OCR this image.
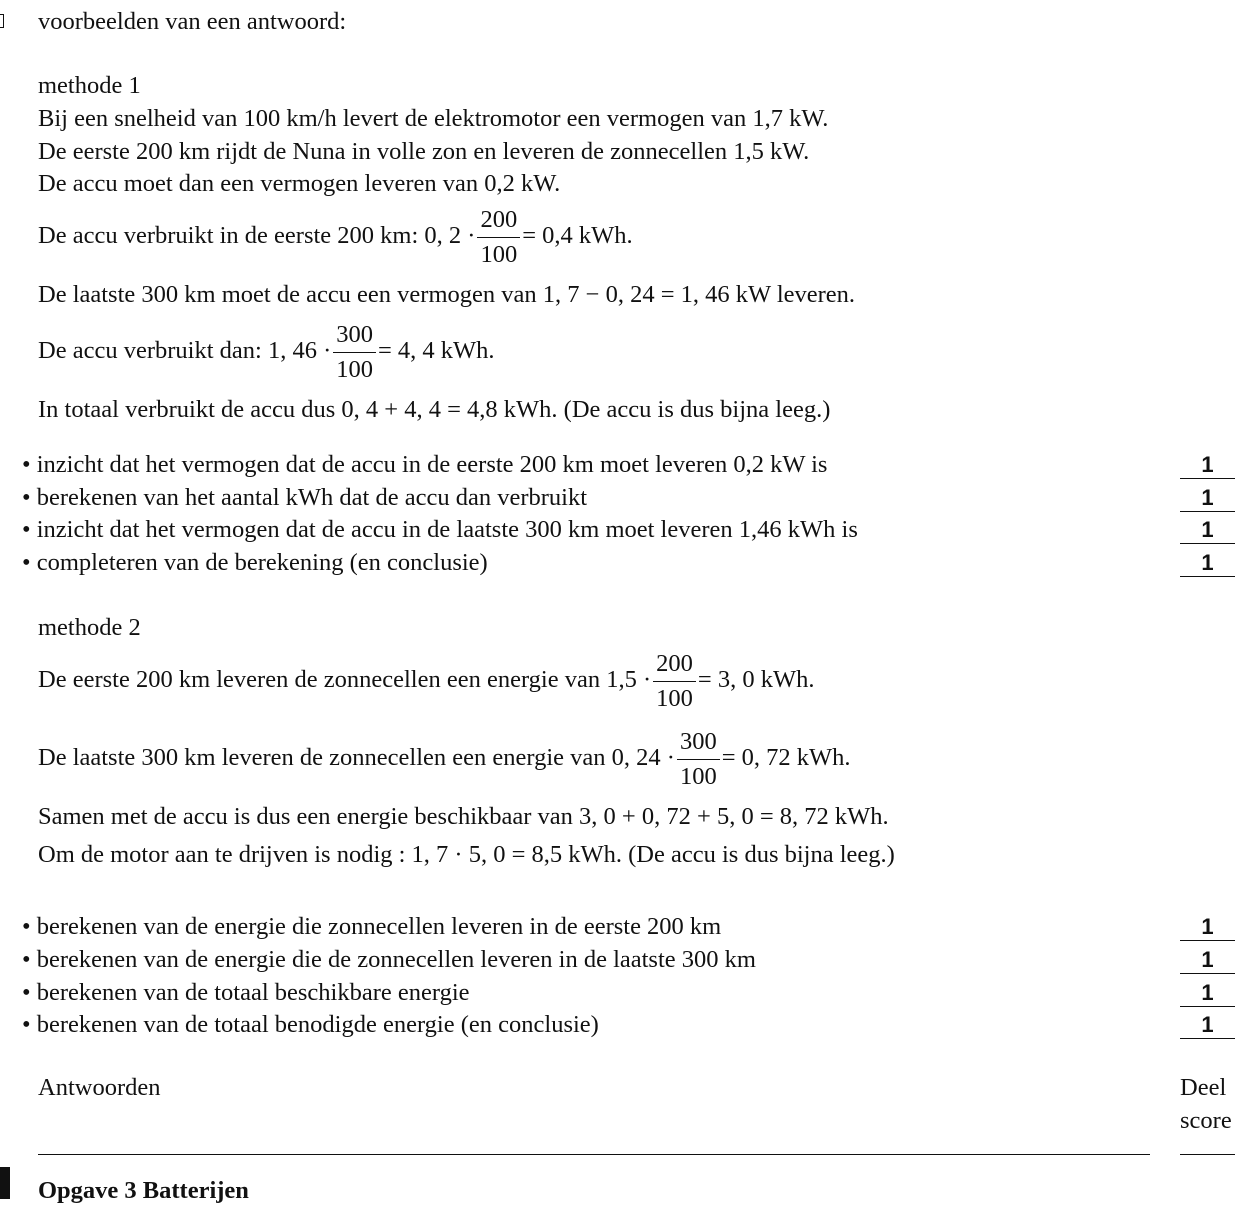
voorbeelden van een antwoord:
methode 1
Bij een snelheid van 100 km/h levert de elektromotor een vermogen van 1,7 kW.
De eerste 200 km rijdt de Nuna in volle zon en leveren de zonnecellen 1,5 kW.
De accu moet dan een vermogen leveren van 0,2 kW.
De accu verbruikt in de eerste 200 km: 0, $2 \cdot \frac{200}{100} = 0,4$ kWh.
De laatste 300 km moet de accu een vermogen van 1, 7 − 0, 24 = 1, 46 kW leveren.
De accu verbruikt dan: 1, $46 \cdot \frac{300}{100} = 4$, 4 kWh.
In totaal verbruikt de accu dus 0, 4 + 4, 4 = 4,8 kWh. (De accu is dus bijna leeg.)
• inzicht dat het vermogen dat de accu in de eerste 200 km moet leveren 0,2 kW is
• berekenen van het aantal kWh dat de accu dan verbruikt
• inzicht dat het vermogen dat de accu in de laatste 300 km moet leveren 1,46 kWh is
• completeren van de berekening (en conclusie)
1
1
1
1
methode 2
De eerste 200 km leveren de zonnecellen een energie van $1,5 \cdot \frac{200}{100} = 3$, 0 kWh.
De laatste 300 km leveren de zonnecellen een energie van 0, $24 \cdot \frac{300}{100} = 0$, 72 kWh.
Samen met de accu is dus een energie beschikbaar van 3, 0 + 0, 72 + 5, 0 = 8, 72 kWh.
Om de motor aan te drijven is nodig : 1, 7 · 5, 0 = 8,5 kWh. (De accu is dus bijna leeg.)
• berekenen van de energie die zonnecellen leveren in de eerste 200 km
• berekenen van de energie die de zonnecellen leveren in de laatste 300 km
• berekenen van de totaal beschikbare energie
• berekenen van de totaal benodigde energie (en conclusie)
1
1
1
1
Antwoorden	Deel
score
Opgave 3 Batterijen
